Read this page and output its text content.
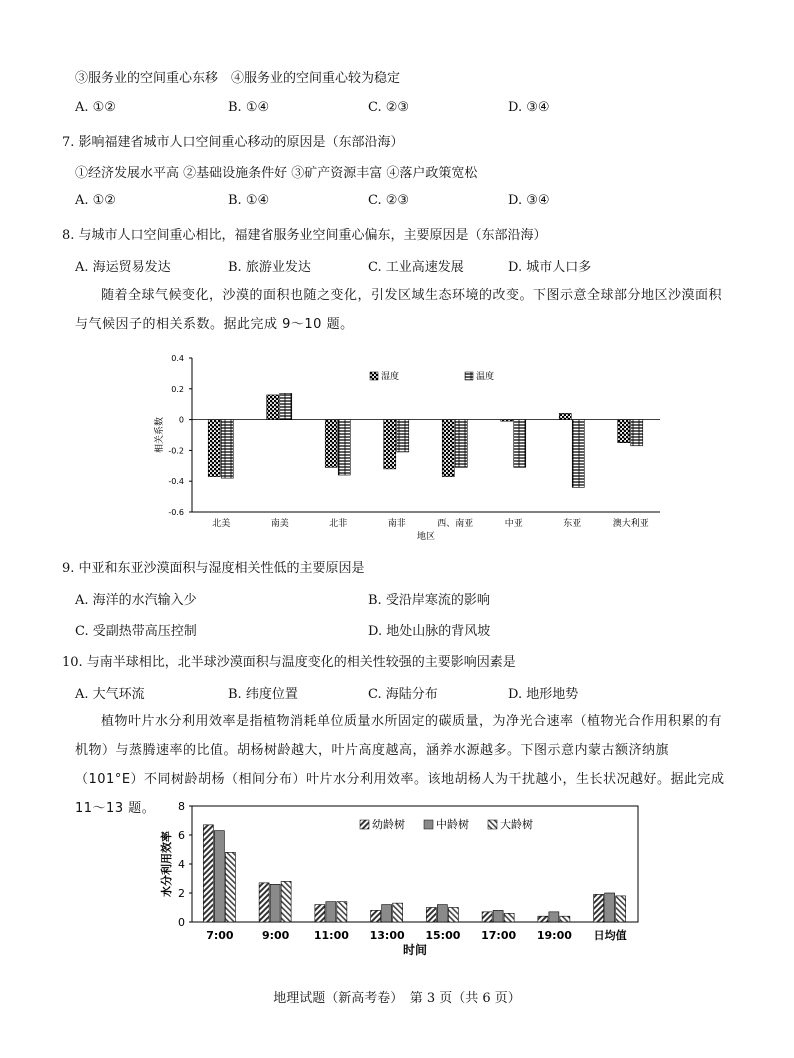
③服务业的空间重心东移　④服务业的空间重心较为稳定
A. ①②	B. ①④	C. ②③	D. ③④
7. 影响福建省城市人口空间重心移动的原因是（东部沿海）
①经济发展水平高 ②基础设施条件好 ③矿产资源丰富 ④落户政策宽松
A. ①②	B. ①④	C. ②③	D. ③④
8. 与城市人口空间重心相比，福建省服务业空间重心偏东，主要原因是（东部沿海）
A. 海运贸易发达	B. 旅游业发达	C. 工业高速发展	D. 城市人口多
随着全球气候变化，沙漠的面积也随之变化，引发区域生态环境的改变。下图示意全球部分地区沙漠面积与气候因子的相关系数。据此完成 9～10 题。
0.4
0.2
0
-0.2
-0.4
-0.6
北美	南美	北非	南非	西、南亚	中亚	东亚	澳大利亚
相关系数
地区
湿度	温度
9. 中亚和东亚沙漠面积与湿度相关性低的主要原因是
A. 海洋的水汽输入少	B. 受沿岸寒流的影响
C. 受副热带高压控制	D. 地处山脉的背风坡
10. 与南半球相比，北半球沙漠面积与温度变化的相关性较强的主要影响因素是
A. 大气环流	B. 纬度位置	C. 海陆分布	D. 地形地势
植物叶片水分利用效率是指植物消耗单位质量水所固定的碳质量，为净光合速率（植物光合作用积累的有机物）与蒸腾速率的比值。胡杨树龄越大，叶片高度越高，涵养水源越多。下图示意内蒙古额济纳旗（101°E）不同树龄胡杨（相间分布）叶片水分利用效率。该地胡杨人为干扰越小，生长状况越好。据此完成 11～13 题。
0
2
4
6
8
7:00	9:00 11:00 13:00 15:00 17:00 19:00 日均值
水分利用效率
时间
幼龄树	中龄树	大龄树
地理试题（新高考卷）　第 3 页（共 6 页）
